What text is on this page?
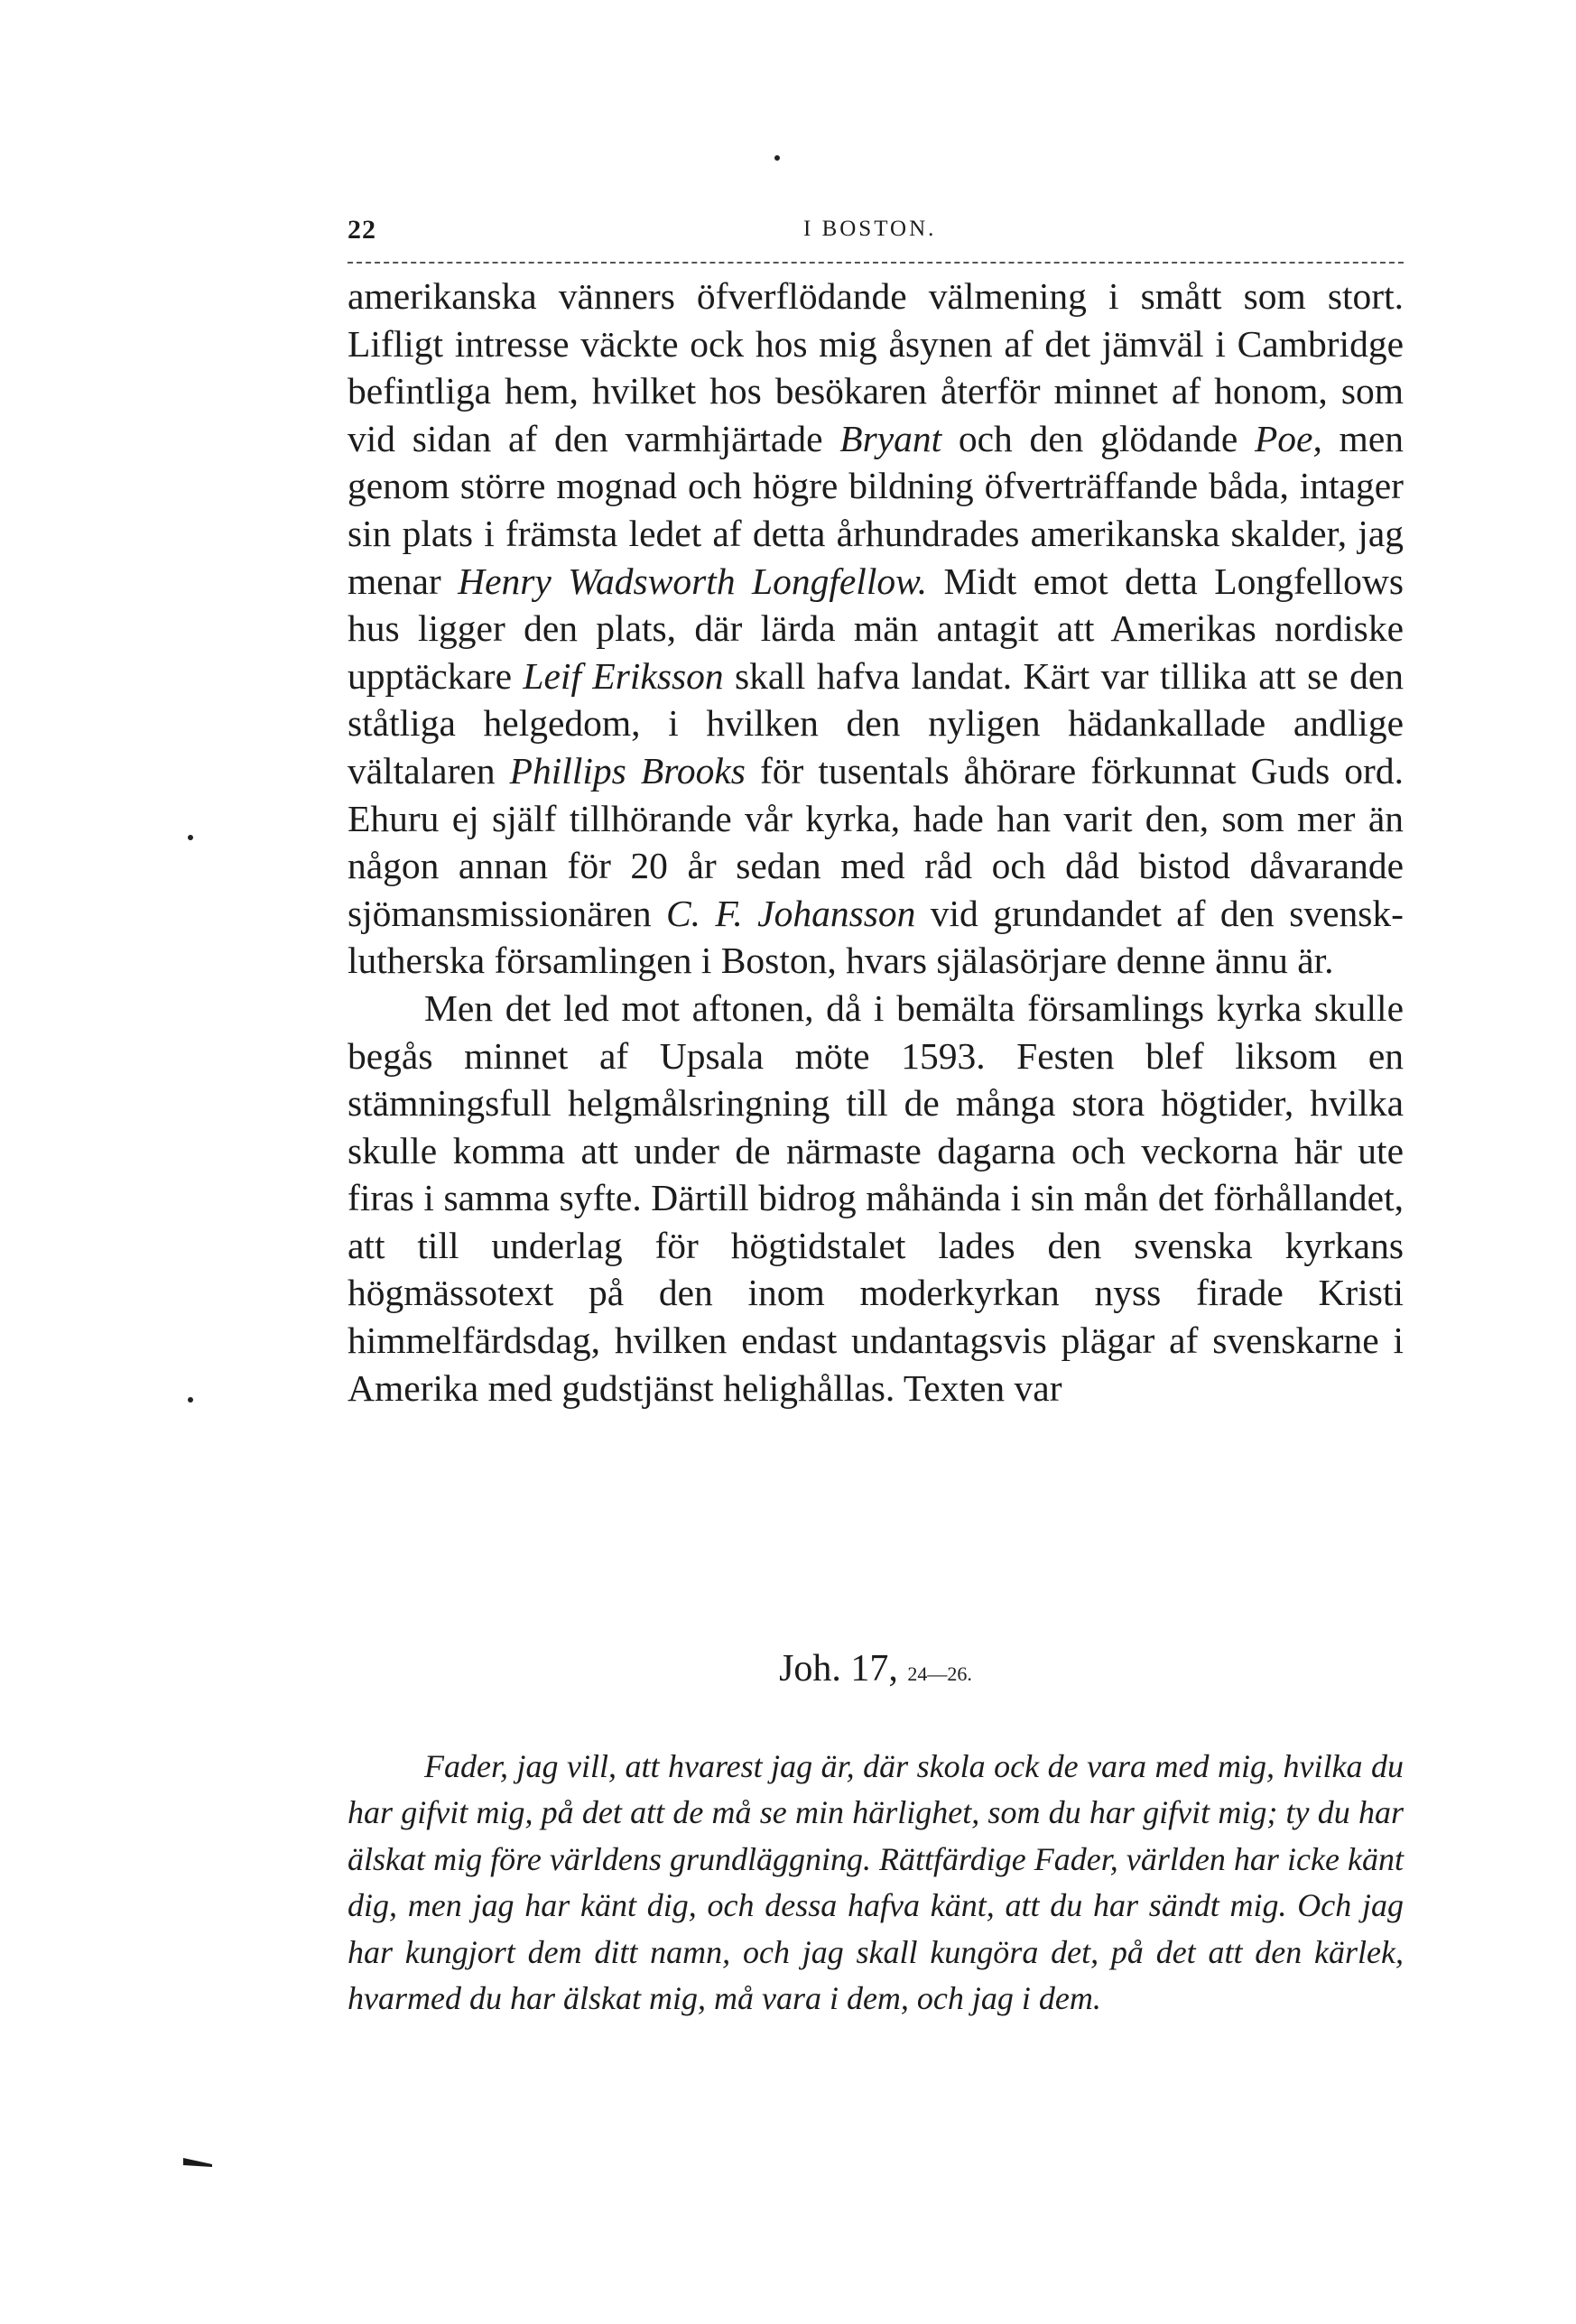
22	I BOSTON.

amerikanska vänners öfverflödande välmening i smått som stort. Lifligt intresse väckte ock hos mig åsynen af det jämväl i Cambridge befintliga hem, hvilket hos besökaren återför minnet af honom, som vid sidan af den varmhjärtade Bryant och den glödande Poe, men genom större mognad och högre bildning öfverträffande båda, intager sin plats i främsta ledet af detta århundrades amerikanska skalder, jag menar Henry Wadsworth Longfellow. Midt emot detta Longfellows hus ligger den plats, där lärda män antagit att Amerikas nordiske upptäckare Leif Eriksson skall hafva landat. Kärt var tillika att se den ståtliga helgedom, i hvilken den nyligen hädankallade andlige vältalaren Phillips Brooks för tusentals åhörare förkunnat Guds ord. Ehuru ej själf tillhörande vår kyrka, hade han varit den, som mer än någon annan för 20 år sedan med råd och dåd bistod dåvarande sjömansmissionären C. F. Johansson vid grundandet af den svensk-lutherska församlingen i Boston, hvars själasörjare denne ännu är.

Men det led mot aftonen, då i bemälta församlings kyrka skulle begås minnet af Upsala möte 1593. Festen blef liksom en stämningsfull helgmålsringning till de många stora högtider, hvilka skulle komma att under de närmaste dagarna och veckorna här ute firas i samma syfte. Därtill bidrog måhända i sin mån det förhållandet, att till underlag för högtidstalet lades den svenska kyrkans högmässotext på den inom moderkyrkan nyss firade Kristi himmelfärdsdag, hvilken endast undantagsvis plägar af svenskarne i Amerika med gudstjänst helighållas. Texten var

Joh. 17, 24—26.

Fader, jag vill, att hvarest jag är, där skola ock de vara med mig, hvilka du har gifvit mig, på det att de må se min härlighet, som du har gifvit mig; ty du har älskat mig före världens grundläggning. Rättfärdige Fader, världen har icke känt dig, men jag har känt dig, och dessa hafva känt, att du har sändt mig. Och jag har kungjort dem ditt namn, och jag skall kungöra det, på det att den kärlek, hvarmed du har älskat mig, må vara i dem, och jag i dem.
